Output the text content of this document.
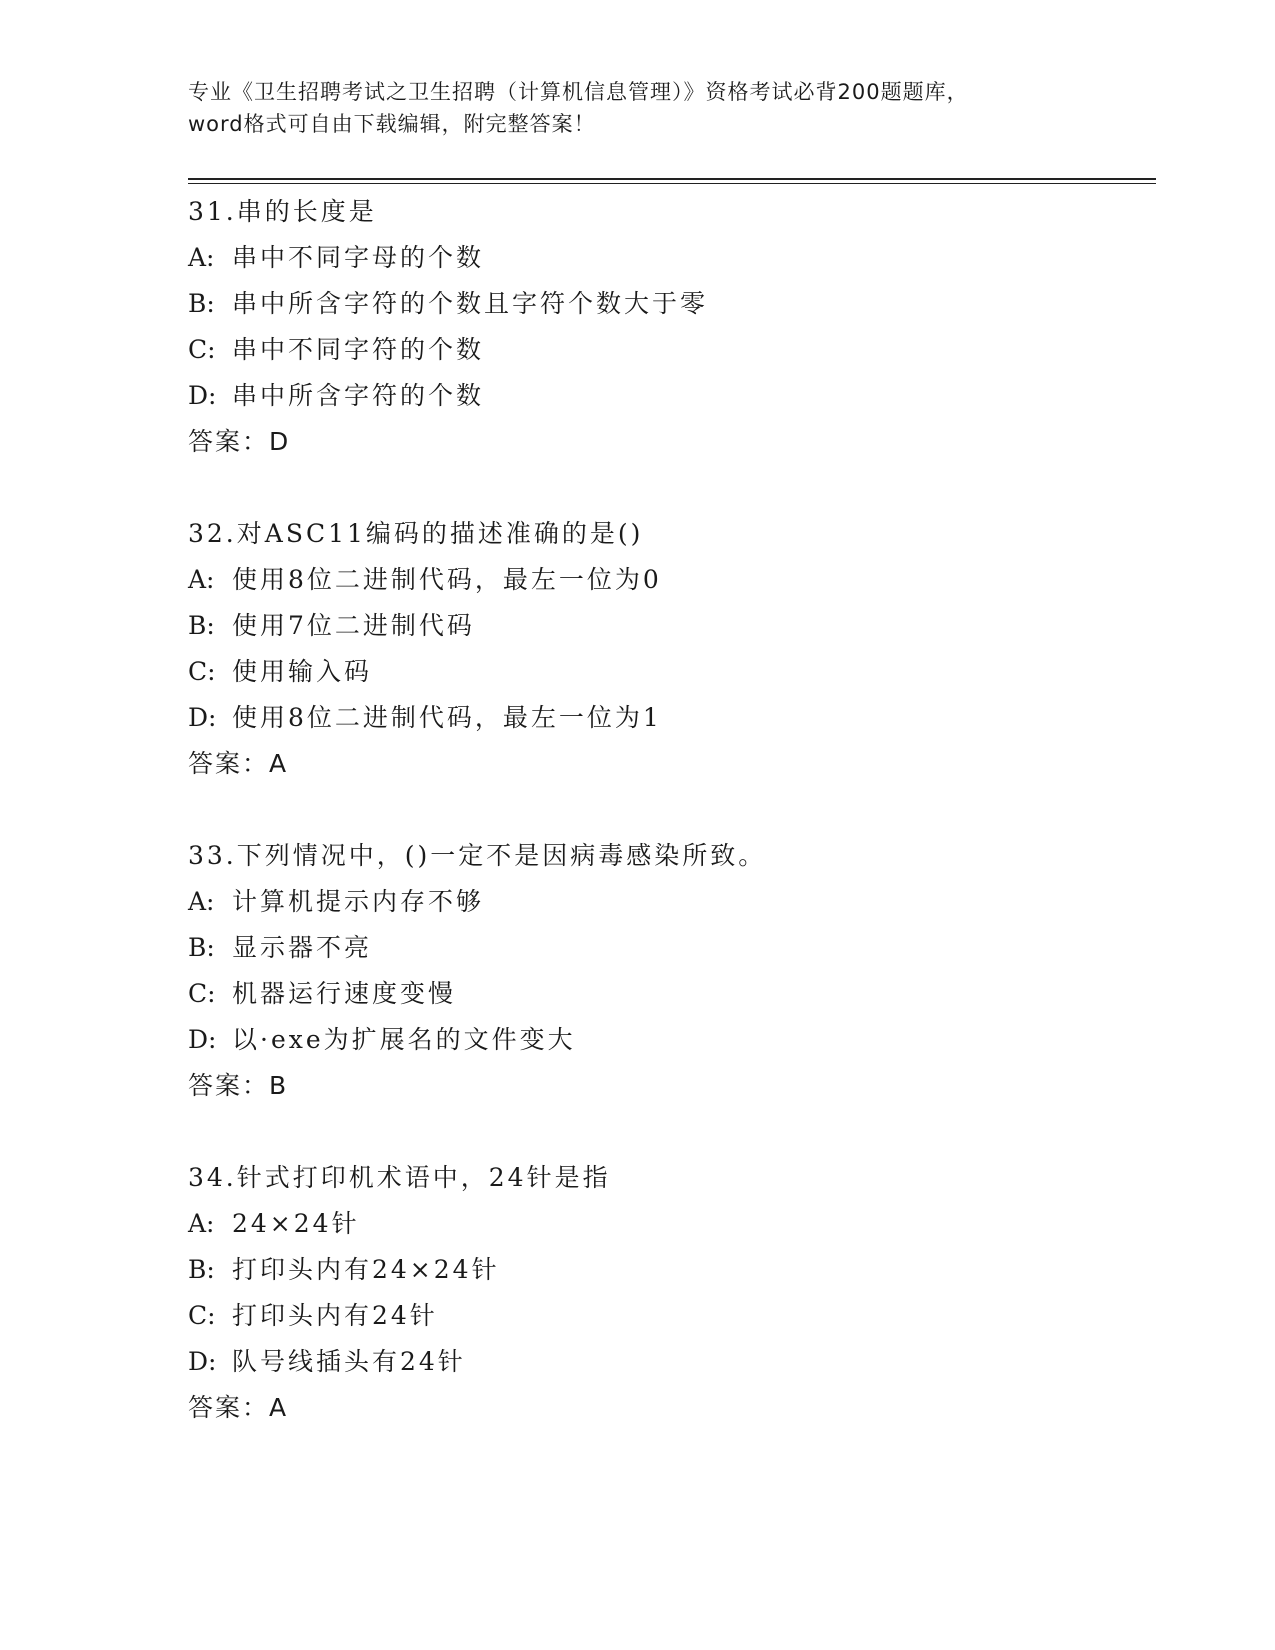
专业《卫生招聘考试之卫生招聘（计算机信息管理）》资格考试必背200题题库，
word格式可自由下载编辑，附完整答案！
31.串的长度是
A: 串中不同字母的个数
B: 串中所含字符的个数且字符个数大于零
C: 串中不同字符的个数
D: 串中所含字符的个数
答案：D
32.对ASC11编码的描述准确的是()
A: 使用8位二进制代码，最左一位为0
B: 使用7位二进制代码
C: 使用输入码
D: 使用8位二进制代码，最左一位为1
答案：A
33.下列情况中，()一定不是因病毒感染所致。
A: 计算机提示内存不够
B: 显示器不亮
C: 机器运行速度变慢
D: 以·exe为扩展名的文件变大
答案：B
34.针式打印机术语中，24针是指
A: 24×24针
B: 打印头内有24×24针
C: 打印头内有24针
D: 队号线插头有24针
答案：A
